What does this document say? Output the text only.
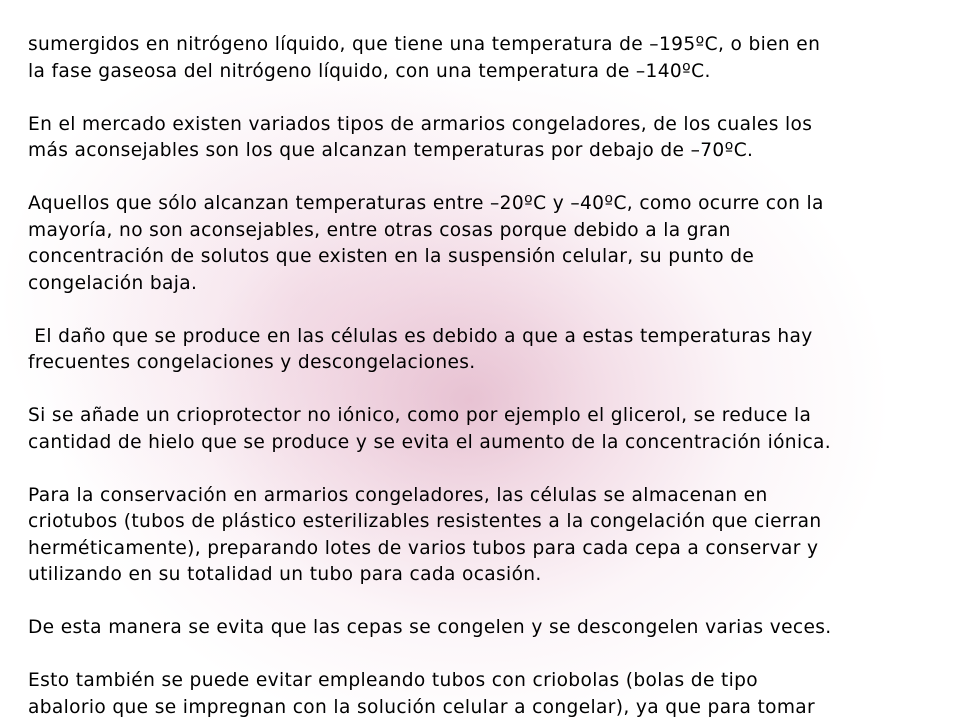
sumergidos en nitrógeno líquido, que tiene una temperatura de –195ºC, o bien en
la fase gaseosa del nitrógeno líquido, con una temperatura de –140ºC.

En el mercado existen variados tipos de armarios congeladores, de los cuales los
más aconsejables son los que alcanzan temperaturas por debajo de –70ºC.

Aquellos que sólo alcanzan temperaturas entre –20ºC y –40ºC, como ocurre con la
mayoría, no son aconsejables, entre otras cosas porque debido a la gran
concentración de solutos que existen en la suspensión celular, su punto de
congelación baja.

El daño que se produce en las células es debido a que a estas temperaturas hay
frecuentes congelaciones y descongelaciones.

Si se añade un crioprotector no iónico, como por ejemplo el glicerol, se reduce la
cantidad de hielo que se produce y se evita el aumento de la concentración iónica.

Para la conservación en armarios congeladores, las células se almacenan en
criotubos (tubos de plástico esterilizables resistentes a la congelación que cierran
herméticamente), preparando lotes de varios tubos para cada cepa a conservar y
utilizando en su totalidad un tubo para cada ocasión.

De esta manera se evita que las cepas se congelen y se descongelen varias veces.

Esto también se puede evitar empleando tubos con criobolas (bolas de tipo
abalorio que se impregnan con la solución celular a congelar), ya que para tomar
